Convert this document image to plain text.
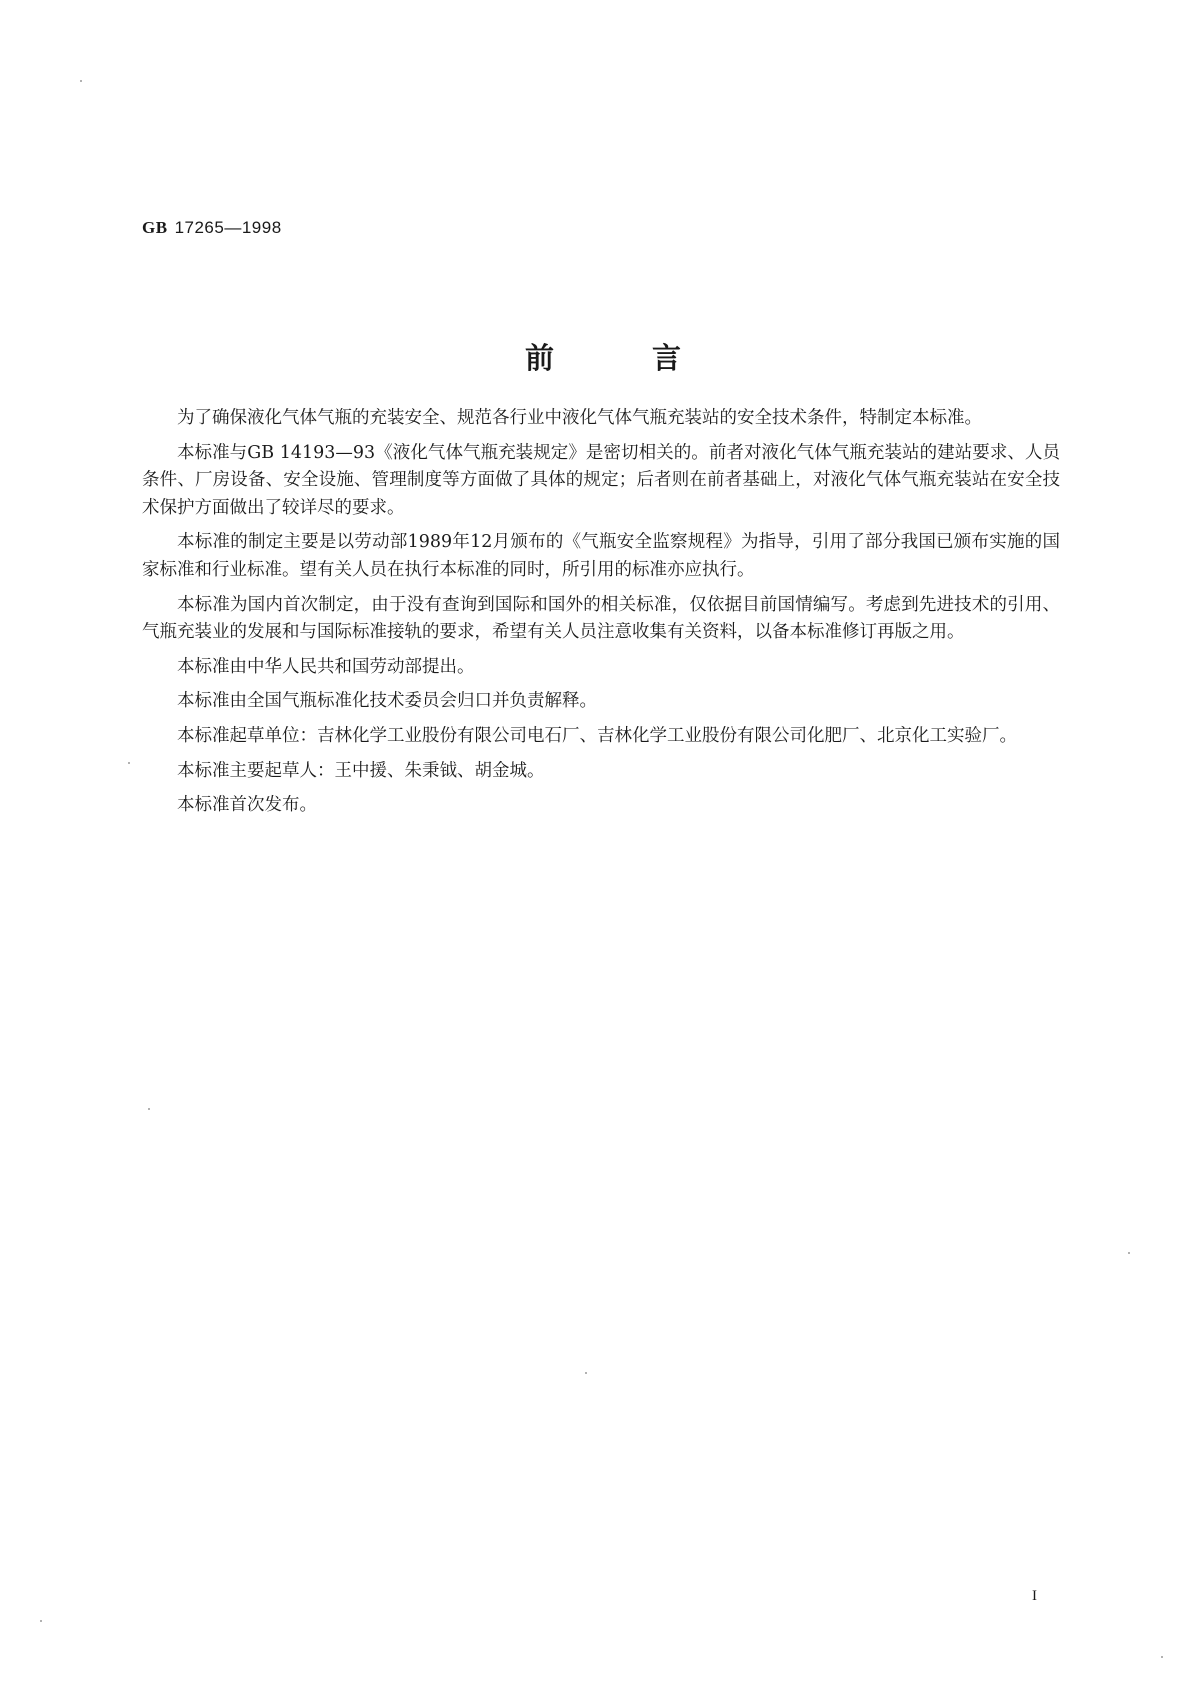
GB 17265—1998
前	言

为了确保液化气体气瓶的充装安全、规范各行业中液化气体气瓶充装站的安全技术条件，特制定本标准。

本标准与GB 14193—93《液化气体气瓶充装规定》是密切相关的。前者对液化气体气瓶充装站的建站要求、人员条件、厂房设备、安全设施、管理制度等方面做了具体的规定；后者则在前者基础上，对液化气体气瓶充装站在安全技术保护方面做出了较详尽的要求。

本标准的制定主要是以劳动部1989年12月颁布的《气瓶安全监察规程》为指导，引用了部分我国已颁布实施的国家标准和行业标准。望有关人员在执行本标准的同时，所引用的标准亦应执行。

本标准为国内首次制定，由于没有查询到国际和国外的相关标准，仅依据目前国情编写。考虑到先进技术的引用、气瓶充装业的发展和与国际标准接轨的要求，希望有关人员注意收集有关资料，以备本标准修订再版之用。

本标准由中华人民共和国劳动部提出。

本标准由全国气瓶标准化技术委员会归口并负责解释。

本标准起草单位：吉林化学工业股份有限公司电石厂、吉林化学工业股份有限公司化肥厂、北京化工实验厂。

本标准主要起草人：王中援、朱秉钺、胡金城。

本标准首次发布。

I
